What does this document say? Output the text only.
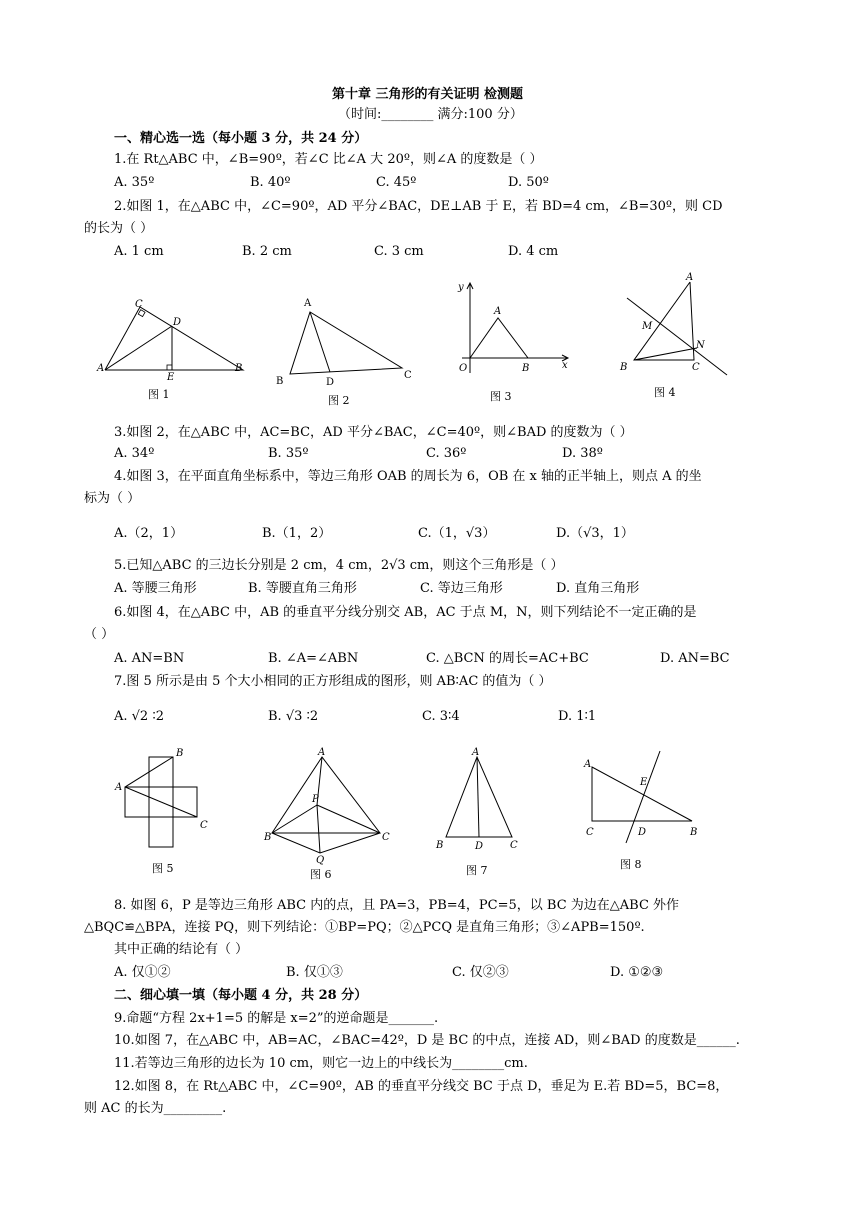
第十章 三角形的有关证明 检测题
（时间:________ 满分:100 分）
一、精心选一选（每小题 3 分，共 24 分）
1.在 Rt△ABC 中，∠B=90º，若∠C 比∠A 大 20º，则∠A 的度数是（ ）
A. 35º	B. 40º	C. 45º	D. 50º
2.如图 1，在△ABC 中，∠C=90º，AD 平分∠BAC，DE⊥AB 于 E，若 BD=4 cm，∠B=30º，则 CD
的长为（ ）
A. 1 cm	B. 2 cm	C. 3 cm	D. 4 cm
C
D
A
E
B
图 1
A
B	D
C
图 2
y
A
O	B	x
图 3
A
M
N
B	C
图 4
3.如图 2，在△ABC 中，AC=BC，AD 平分∠BAC，∠C=40º，则∠BAD 的度数为（ ）
A. 34º	B. 35º	C. 36º	D. 38º
4.如图 3，在平面直角坐标系中，等边三角形 OAB 的周长为 6，OB 在 x 轴的正半轴上，则点 A 的坐
标为（ ）
A.（2，1）	B.（1，2）	C.（1，√3）	D.（√3，1）
5.已知△ABC 的三边长分别是 2 cm，4 cm，2√3 cm，则这个三角形是（ ）
A. 等腰三角形	B. 等腰直角三角形	C. 等边三角形	D. 直角三角形
6.如图 4，在△ABC 中，AB 的垂直平分线分别交 AB，AC 于点 M，N，则下列结论不一定正确的是
（ ）
A. AN=BN	B. ∠A=∠ABN	C. △BCN 的周长=AC+BC	D. AN=BC
7.图 5 所示是由 5 个大小相同的正方形组成的图形，则 AB∶AC 的值为（ ）
A. √2 ∶2	B. √3 ∶2	C. 3∶4	D. 1∶1
A
B
C
图 5
A
P
B	C
Q
图 6
A
B	D	C
图 7
A
E
C	D	B
图 8
8. 如图 6，P 是等边三角形 ABC 内的点，且 PA=3，PB=4，PC=5，以 BC 为边在△ABC 外作
△BQC≌△BPA，连接 PQ，则下列结论：①BP=PQ；②△PCQ 是直角三角形；③∠APB=150º.
其中正确的结论有（ ）
A. 仅①②	B. 仅①③	C. 仅②③	D. ①②③
二、细心填一填（每小题 4 分，共 28 分）
9.命题“方程 2x+1=5 的解是 x=2”的逆命题是_______.
10.如图 7，在△ABC 中，AB=AC，∠BAC=42º，D 是 BC 的中点，连接 AD，则∠BAD 的度数是______.
11.若等边三角形的边长为 10 cm，则它一边上的中线长为________cm.
12.如图 8，在 Rt△ABC 中，∠C=90º，AB 的垂直平分线交 BC 于点 D，垂足为 E.若 BD=5，BC=8，
则 AC 的长为_________.
